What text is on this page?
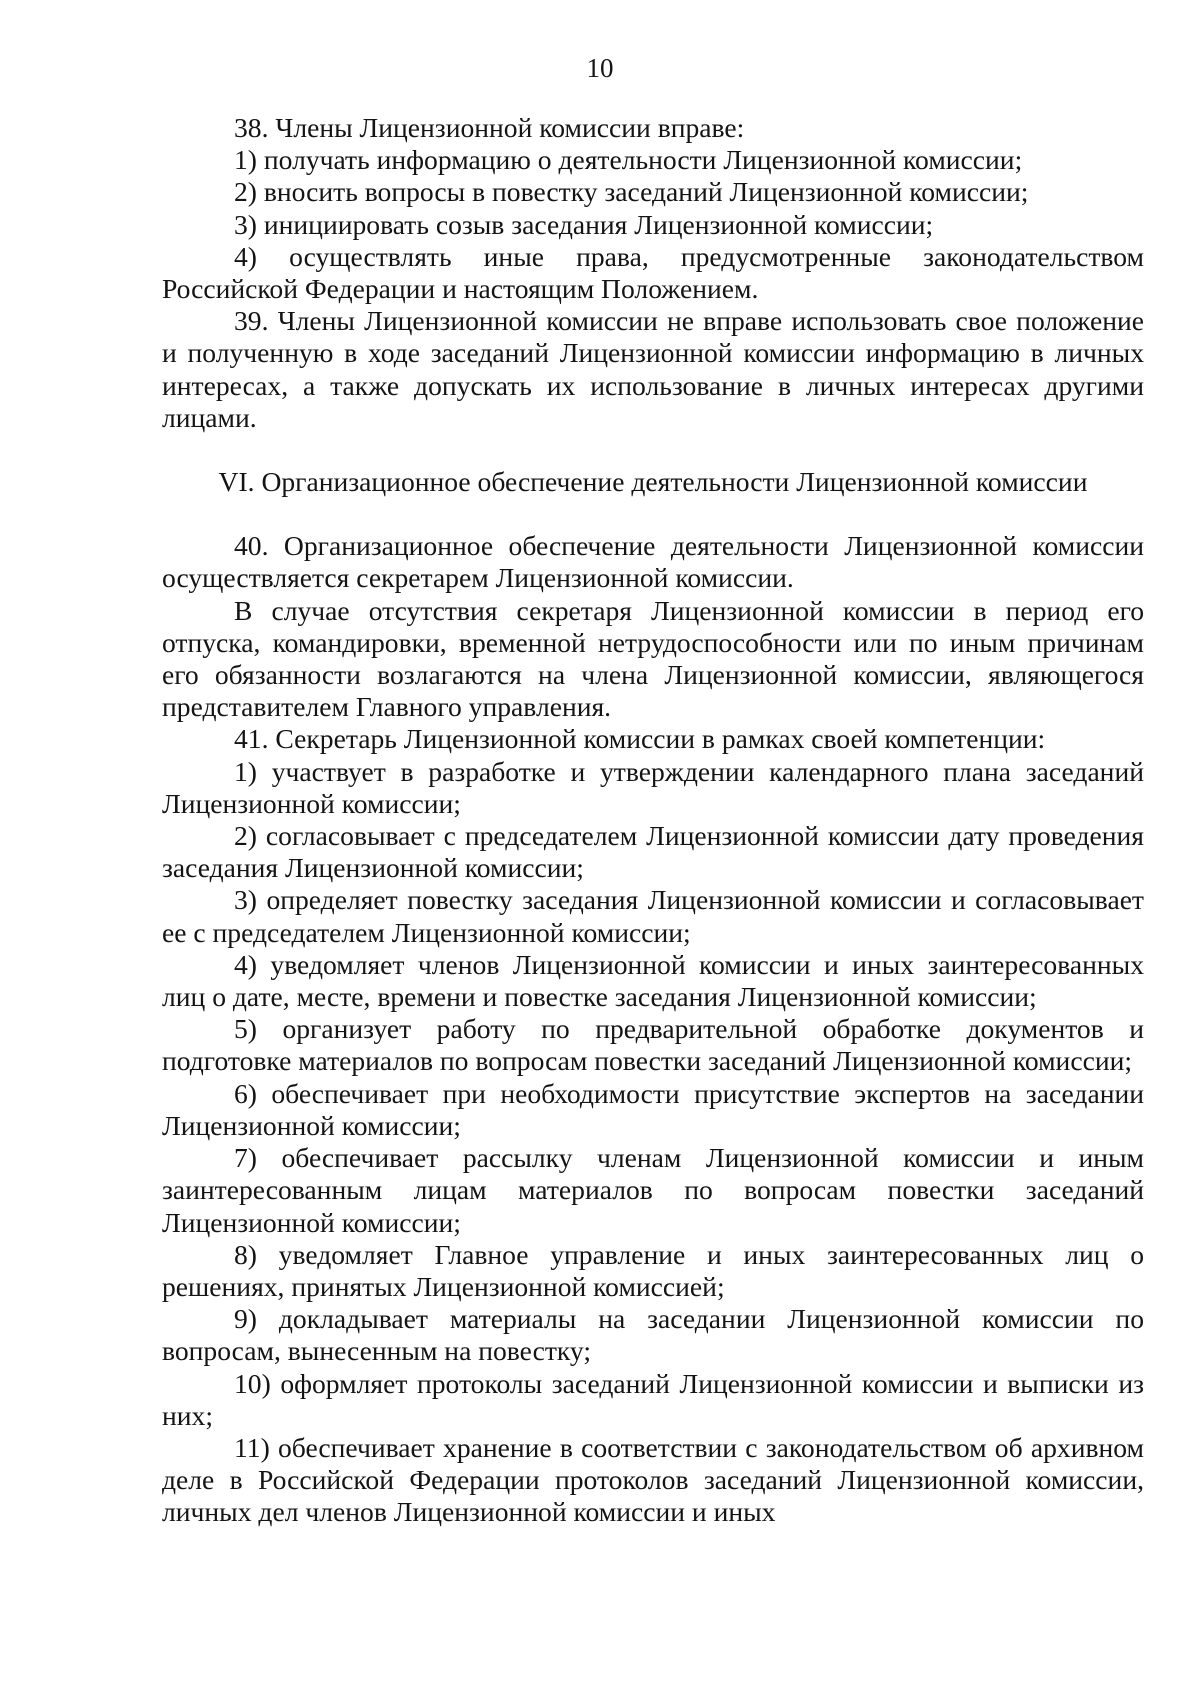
10

38. Члены Лицензионной комиссии вправе:

1) получать информацию о деятельности Лицензионной комиссии;

2) вносить вопросы в повестку заседаний Лицензионной комиссии;

3) инициировать созыв заседания Лицензионной комиссии;

4) осуществлять иные права, предусмотренные законодательством Российской Федерации и настоящим Положением.

39. Члены Лицензионной комиссии не вправе использовать свое положение и полученную в ходе заседаний Лицензионной комиссии информацию в личных интересах, а также допускать их использование в личных интересах другими лицами.

VI. Организационное обеспечение деятельности Лицензионной комиссии

40. Организационное обеспечение деятельности Лицензионной комиссии осуществляется секретарем Лицензионной комиссии.

В случае отсутствия секретаря Лицензионной комиссии в период его отпуска, командировки, временной нетрудоспособности или по иным причинам его обязанности возлагаются на члена Лицензионной комиссии, являющегося представителем Главного управления.

41. Секретарь Лицензионной комиссии в рамках своей компетенции:

1) участвует в разработке и утверждении календарного плана заседаний Лицензионной комиссии;

2) согласовывает с председателем Лицензионной комиссии дату проведения заседания Лицензионной комиссии;

3) определяет повестку заседания Лицензионной комиссии и согласовывает ее с председателем Лицензионной комиссии;

4) уведомляет членов Лицензионной комиссии и иных заинтересованных лиц о дате, месте, времени и повестке заседания Лицензионной комиссии;

5) организует работу по предварительной обработке документов и подготовке материалов по вопросам повестки заседаний Лицензионной комиссии;

6) обеспечивает при необходимости присутствие экспертов на заседании Лицензионной комиссии;

7) обеспечивает рассылку членам Лицензионной комиссии и иным заинтересованным лицам материалов по вопросам повестки заседаний Лицензионной комиссии;

8) уведомляет Главное управление и иных заинтересованных лиц о решениях, принятых Лицензионной комиссией;

9) докладывает материалы на заседании Лицензионной комиссии по вопросам, вынесенным на повестку;

10) оформляет протоколы заседаний Лицензионной комиссии и выписки из них;

11) обеспечивает хранение в соответствии с законодательством об архивном деле в Российской Федерации протоколов заседаний Лицензионной комиссии, личных дел членов Лицензионной комиссии и иных
